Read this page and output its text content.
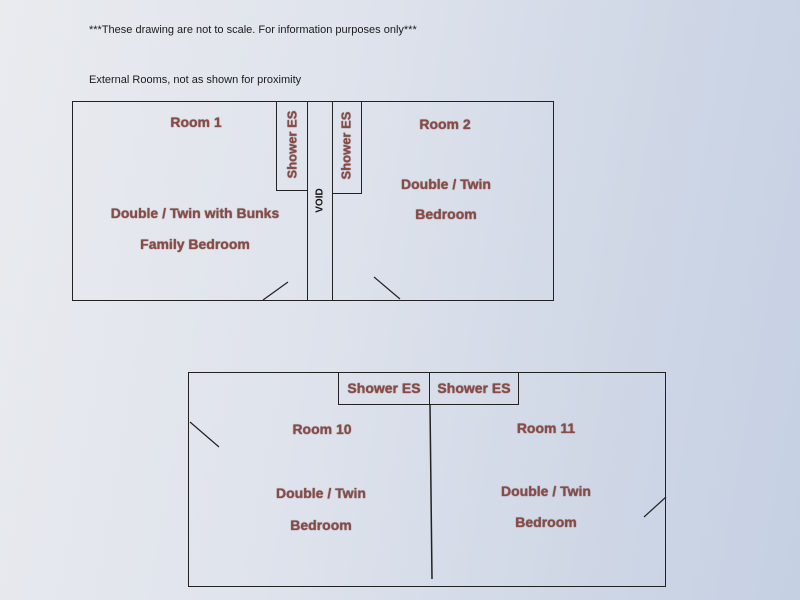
***These drawing are not to scale. For information purposes only***
External Rooms, not as shown for proximity
Room 1
Double / Twin with Bunks
Family Bedroom
Shower ES
VOID
Shower ES	Room 2
Double / Twin
Bedroom
Shower ES Shower ES
Room 10
Double / Twin
Bedroom
Room 11
Double / Twin
Bedroom
